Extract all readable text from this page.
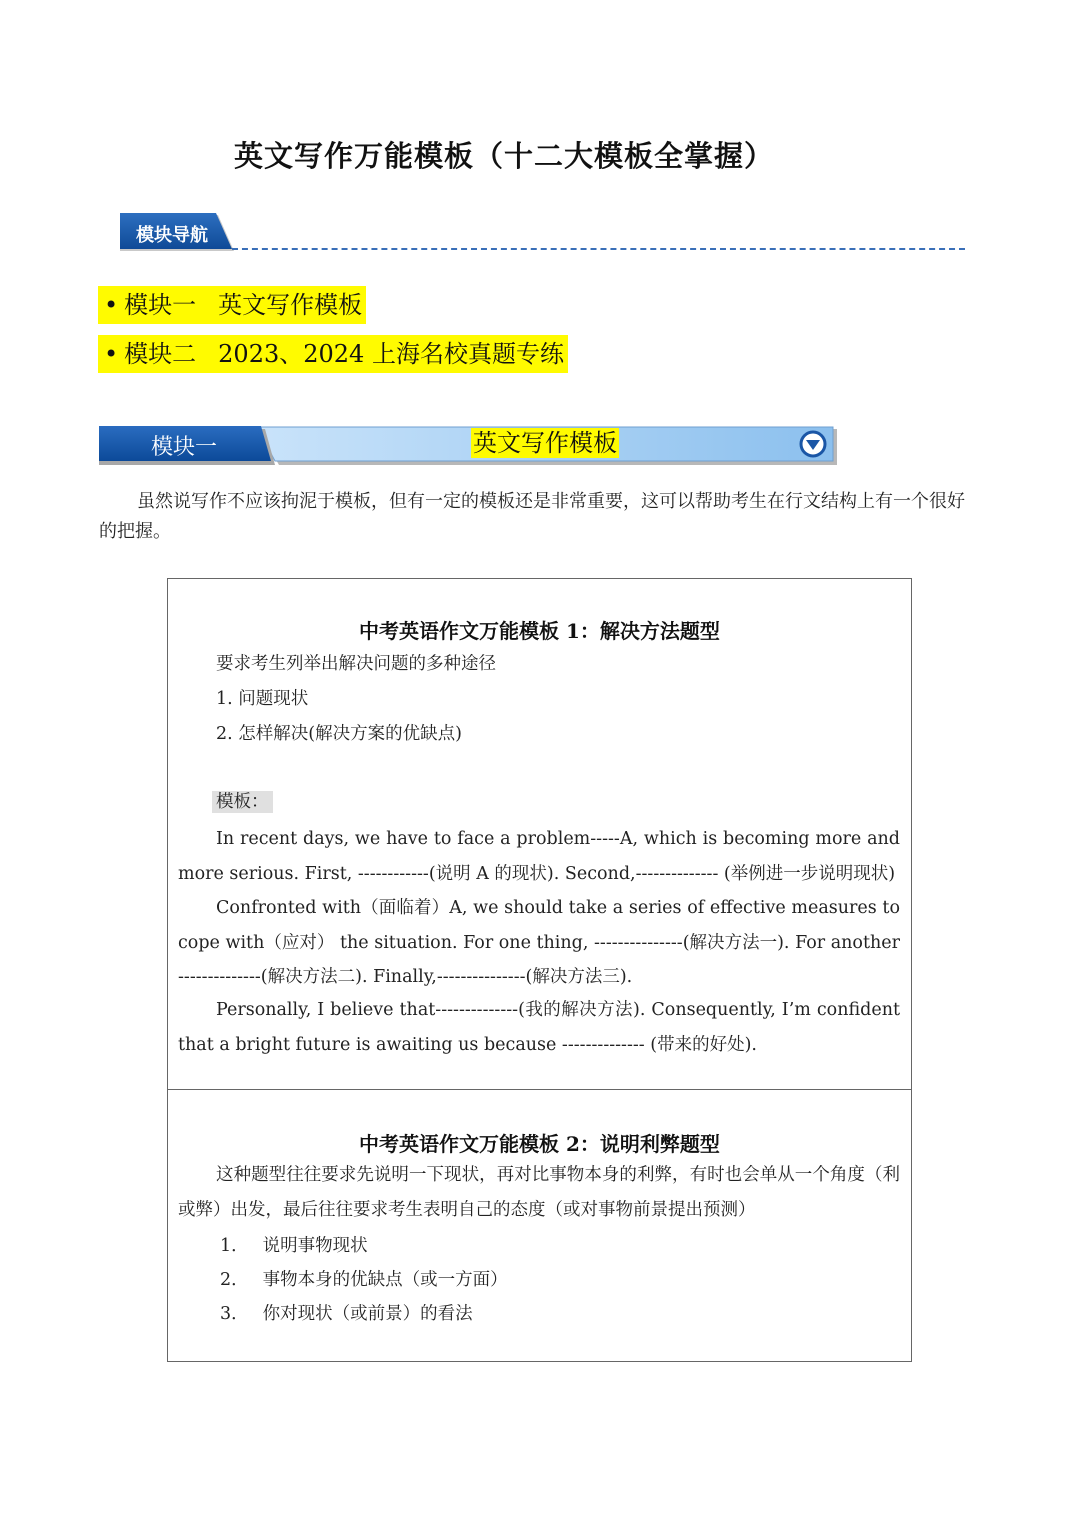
英文写作万能模板（十二大模板全掌握）
模块导航
• 模块一 英文写作模板
• 模块二 2023、2024 上海名校真题专练
模块一	英文写作模板
虽然说写作不应该拘泥于模板，但有一定的模板还是非常重要，这可以帮助考生在行文结构上有一个很好的把握。
中考英语作文万能模板 1：解决方法题型
要求考生列举出解决问题的多种途径
1. 问题现状
2. 怎样解决(解决方案的优缺点)
模板：
In recent days, we have to face a problem-----A, which is becoming more and more serious. First, ------------(说明 A 的现状). Second,-------------- (举例进一步说明现状)
Confronted with（面临着）A, we should take a series of effective measures to cope with（应对） the situation. For one thing, ---------------(解决方法一). For another --------------(解决方法二). Finally,---------------(解决方法三).
Personally, I believe that--------------(我的解决方法). Consequently, I’m confident that a bright future is awaiting us because -------------- (带来的好处).
中考英语作文万能模板 2：说明利弊题型
这种题型往往要求先说明一下现状，再对比事物本身的利弊，有时也会单从一个角度（利或弊）出发，最后往往要求考生表明自己的态度（或对事物前景提出预测）
1． 说明事物现状
2． 事物本身的优缺点（或一方面）
3． 你对现状（或前景）的看法
